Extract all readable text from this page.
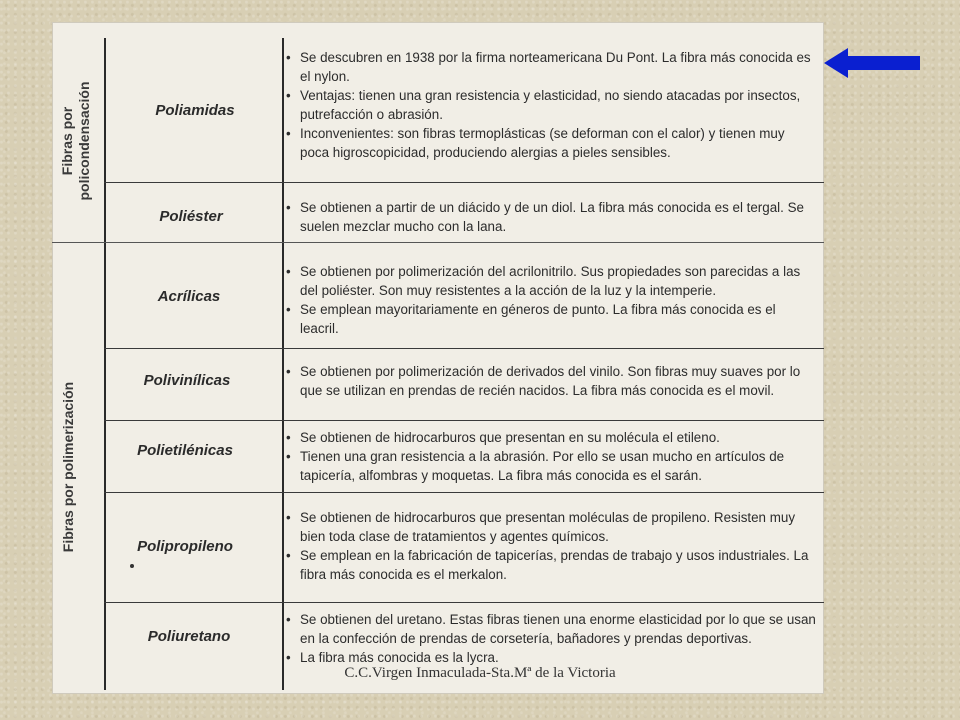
Fibras por policondensación
Fibras por polimerización
Poliamidas
Poliéster
Acrílicas
Polivinílicas
Polietilénicas
Polipropileno
Poliuretano
• Se descubren en 1938 por la firma norteamericana Du Pont. La fibra más conocida es el nylon.
• Ventajas: tienen una gran resistencia y elasticidad, no siendo atacadas por insectos, putrefacción o abrasión.
• Inconvenientes: son fibras termoplásticas (se deforman con el calor) y tienen muy poca higroscopicidad, produciendo alergias a pieles sensibles.
• Se obtienen a partir de un diácido y de un diol. La fibra más conocida es el tergal. Se suelen mezclar mucho con la lana.
• Se obtienen por polimerización del acrilonitrilo. Sus propiedades son parecidas a las del poliéster. Son muy resistentes a la acción de la luz y la intemperie.
• Se emplean mayoritariamente en géneros de punto. La fibra más conocida es el leacril.
• Se obtienen por polimerización de derivados del vinilo. Son fibras muy suaves por lo que se utilizan en prendas de recién nacidos. La fibra más conocida es el movil.
• Se obtienen de hidrocarburos que presentan en su molécula el etileno.
• Tienen una gran resistencia a la abrasión. Por ello se usan mucho en artículos de tapicería, alfombras y moquetas. La fibra más conocida es el sarán.
• Se obtienen de hidrocarburos que presentan moléculas de propileno. Resisten muy bien toda clase de tratamientos y agentes químicos.
• Se emplean en la fabricación de tapicerías, prendas de trabajo y usos industriales. La fibra más conocida es el merkalon.
• Se obtienen del uretano. Estas fibras tienen una enorme elasticidad por lo que se usan en la confección de prendas de corsetería, bañadores y prendas deportivas.
• La fibra más conocida es la lycra.
C.C.Virgen Inmaculada-Sta.Mª de la Victoria
